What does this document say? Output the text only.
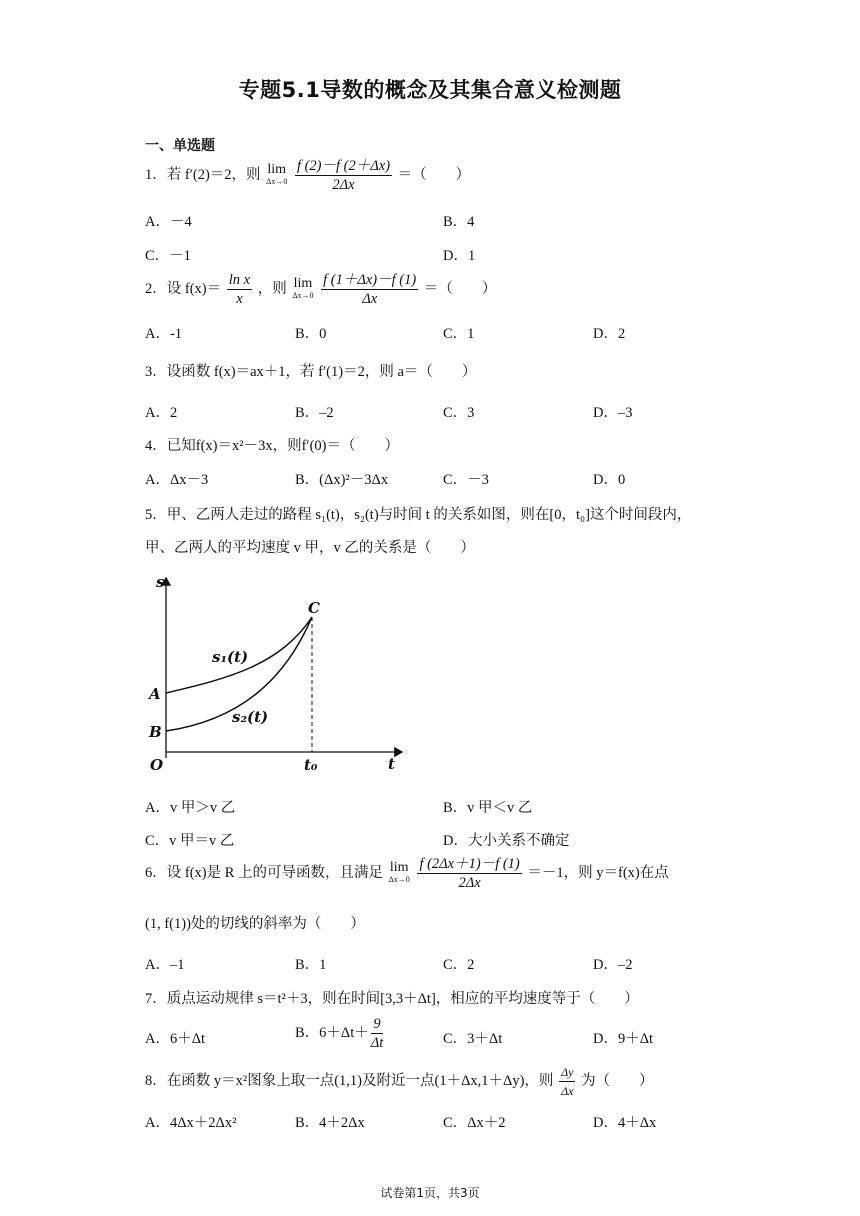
专题5.1导数的概念及其集合意义检测题
一、单选题
1．若 f′(2)＝2，则 lim
Δx→0
$\frac{f (2)-f (2+\Delta x)}{2\Delta x}$ ＝（　　）
A．－4	B．4
C．－1	D．1
2．设 $f(x)= \frac{\text{ln x}}{x}$ ，则 lim
Δx→0
$\frac{f (1+\Delta x)-f (1)}{\Delta x}$ ＝（　　）
A．-1	B．0	C．1	D．2
3．设函数 f(x)＝ax＋1，若 f′(1)＝2，则 a＝（　　）
A．2	B．–2	C．3	D．–3
4．已知f(x)＝x²－3x，则f′(0)＝（　　）
A．Δx－3	B．(Δx)²－3Δx	C．－3	D．0
5．甲、乙两人走过的路程 s₁(t)，s₂(t)与时间 t 的关系如图，则在[0，t₀]这个时间段内，
甲、乙两人的平均速度 v 甲，v 乙的关系是（　　）
s
t
O
A
B
C
t₀
s₁(t)
s₂(t)
A．v 甲＞v 乙	B．v 甲＜v 乙
C．v 甲＝v 乙	D．大小关系不确定
6．设 f(x)是 R 上的可导函数，且满足 lim
Δx→0
$\frac{f (2\Delta x+1)-f (1)}{2\Delta x} =-1$，则 y＝f(x)在点
(1, f(1))处的切线的斜率为（　　）
A．–1	B．1	C．2	D．–2
7．质点运动规律 s＝t²＋3，则在时间[3,3＋Δt]，相应的平均速度等于（　　）
A．6＋Δt	B．$6+\Delta t+ \frac{9}{\Delta t}$	C．3＋Δt	D．9＋Δt
8．在函数 y＝x²图象上取一点(1,1)及附近一点(1＋Δx,1＋Δy)，则 $\frac{\Delta y}{\Delta x}$ 为（　　）
A．4Δx＋2Δx²	B．4＋2Δx	C．Δx＋2	D．4＋Δx
试卷第1页，共3页
